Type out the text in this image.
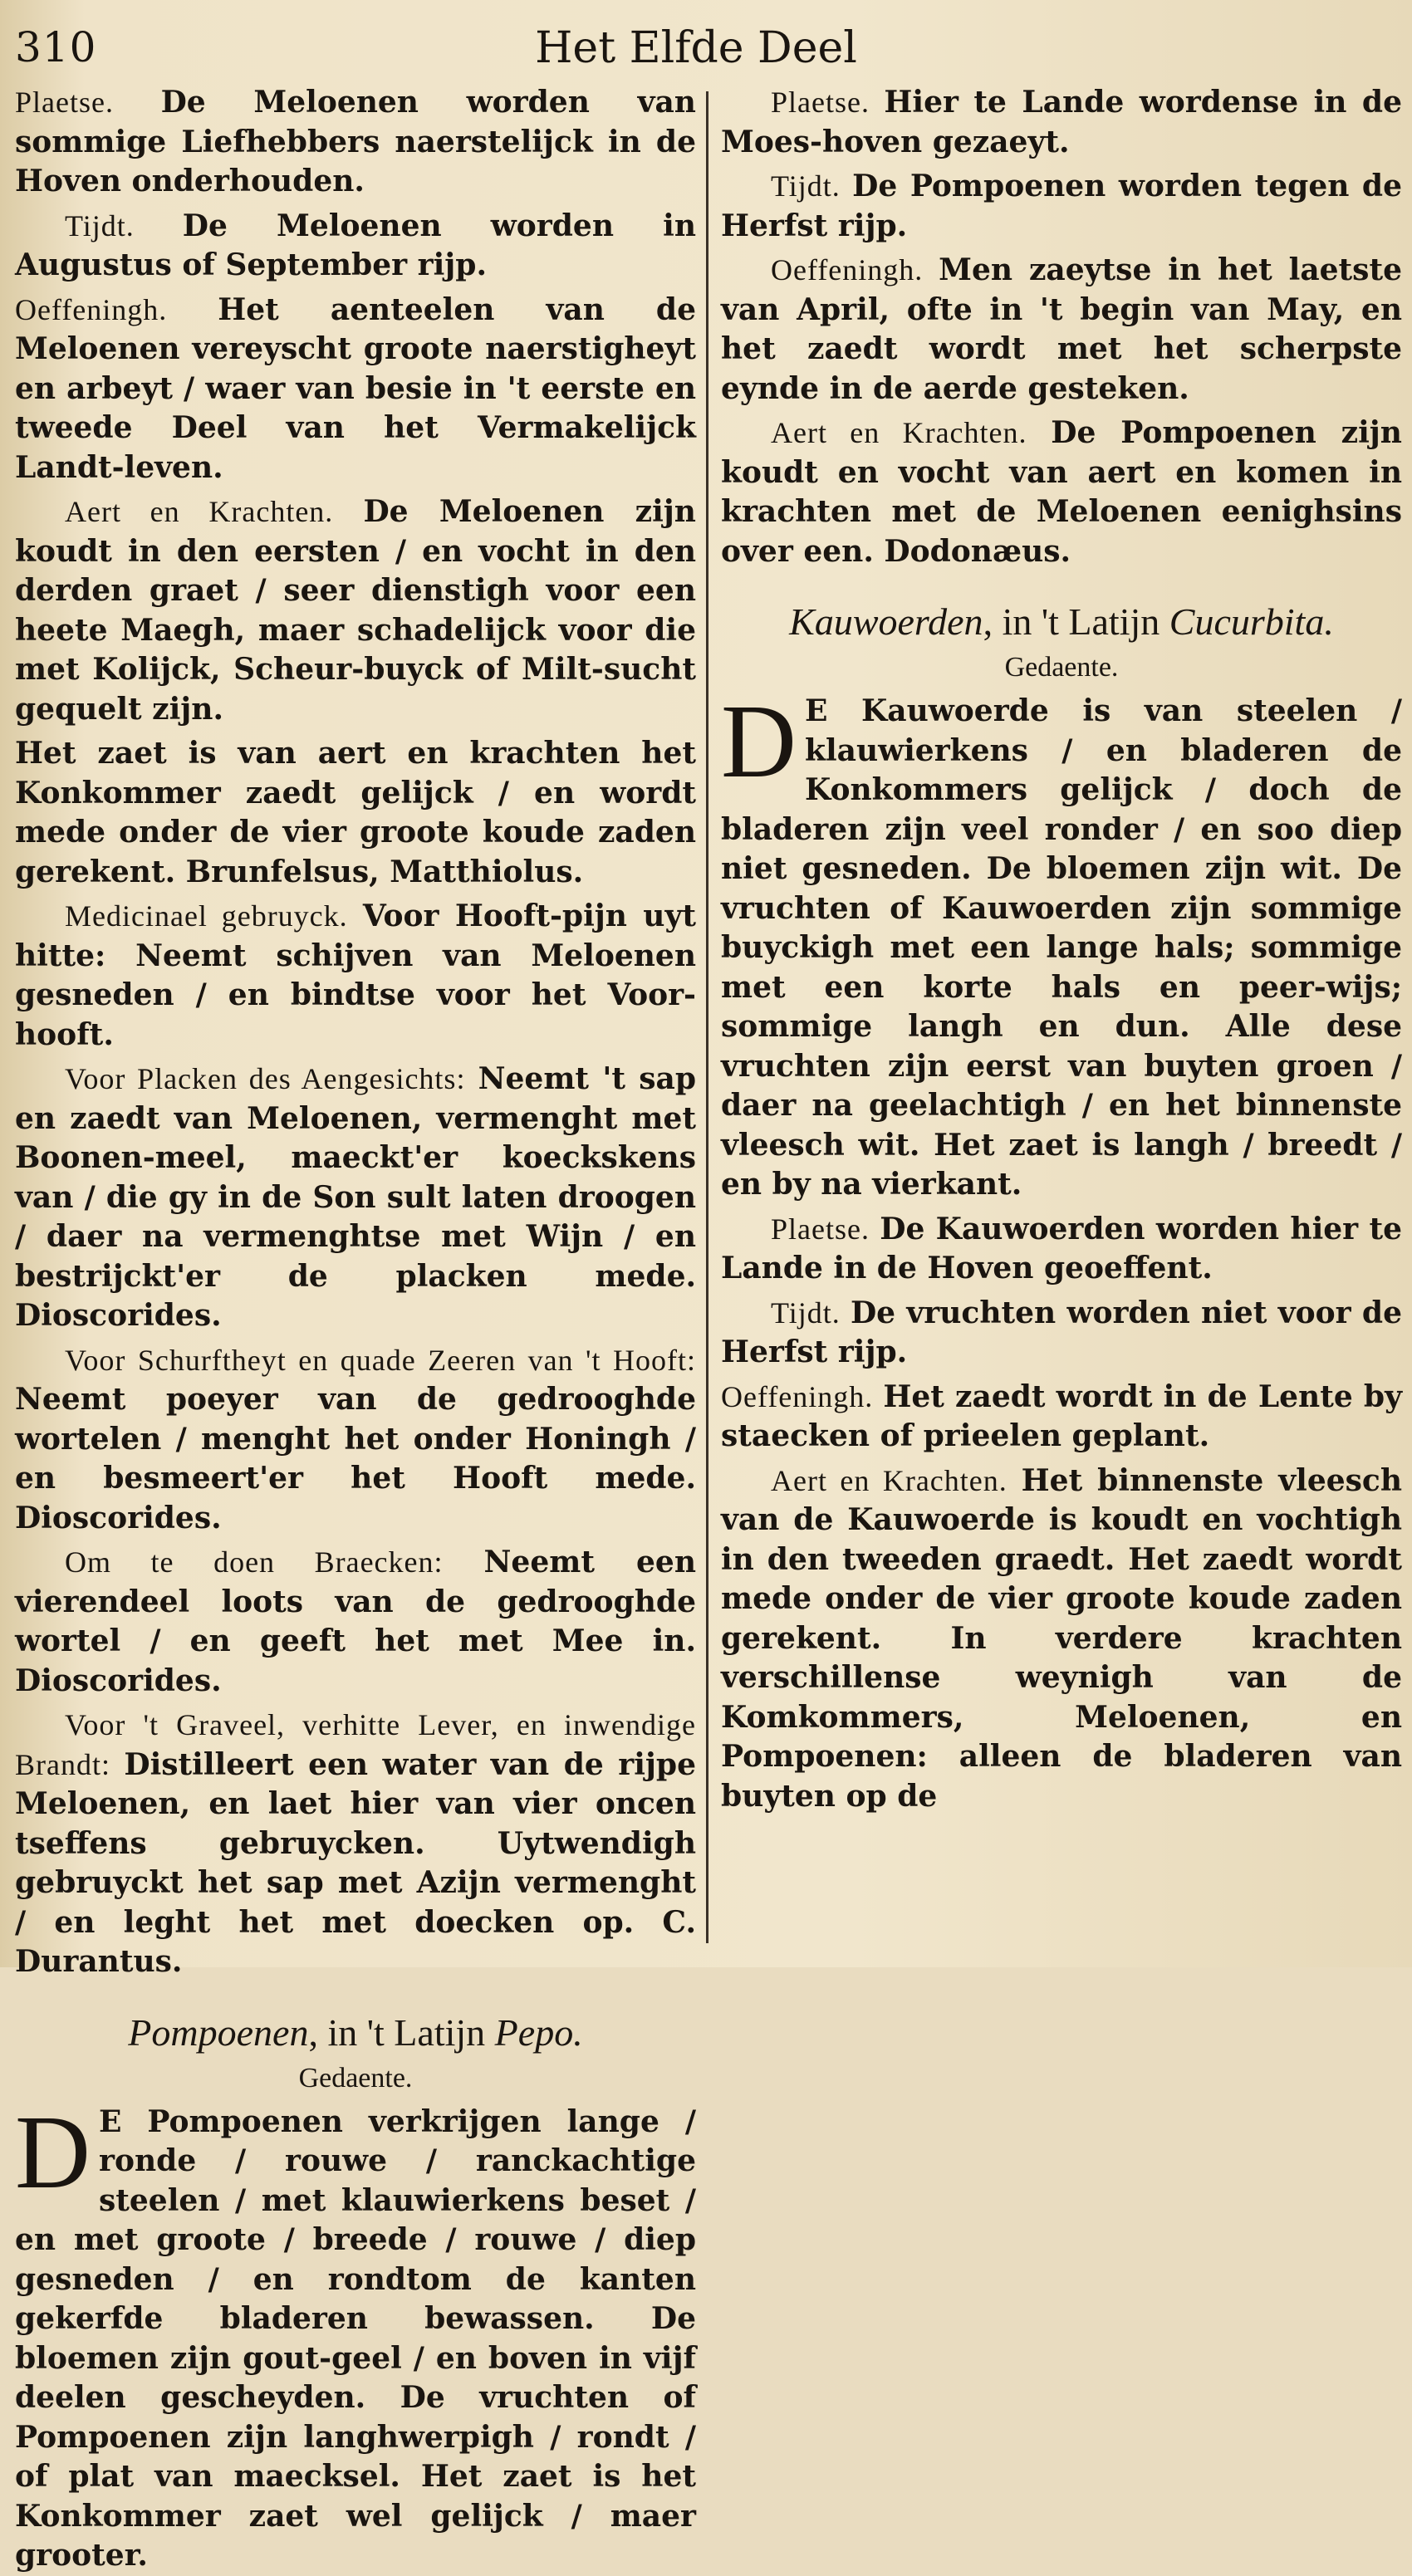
310	Het Elfde Deel

Plaetse. De Meloenen worden van sommige Liefhebbers naerstelijck in de Hoven onderhouden.

Tijdt. De Meloenen worden in Augustus of September rijp.

Oeffeningh. Het aenteelen van de Meloenen vereyscht groote naerstigheyt en arbeyt / waer van besie in 't eerste en tweede Deel van het Vermakelijck Landt-leven.

Aert en Krachten. De Meloenen zijn koudt in den eersten / en vocht in den derden graet / seer dienstigh voor een heete Maegh, maer schadelijck voor die met Kolijck, Scheur-buyck of Milt-sucht gequelt zijn.

Het zaet is van aert en krachten het Konkommer zaedt gelijck / en wordt mede onder de vier groote koude zaden gerekent. Brunfelsus, Matthiolus.

Medicinael gebruyck. Voor Hooft-pijn uyt hitte: Neemt schijven van Meloenen gesneden / en bindtse voor het Voor-hooft.

Voor Placken des Aengesichts: Neemt 't sap en zaedt van Meloenen, vermenght met Boonen-meel, maeckt'er koeckskens van / die gy in de Son sult laten droogen / daer na vermenghtse met Wijn / en bestrijckt'er de placken mede. Dioscorides.

Voor Schurftheyt en quade Zeeren van 't Hooft: Neemt poeyer van de gedrooghde wortelen / menght het onder Honingh / en besmeert'er het Hooft mede. Dioscorides.

Om te doen Braecken: Neemt een vierendeel loots van de gedrooghde wortel / en geeft het met Mee in. Dioscorides.

Voor 't Graveel, verhitte Lever, en inwendige Brandt: Distilleert een water van de rijpe Meloenen, en laet hier van vier oncen tseffens gebruycken. Uytwendigh gebruyckt het sap met Azijn vermenght / en leght het met doecken op. C. Durantus.

Pompoenen, in 't Latijn Pepo.
Gedaente.

D E Pompoenen verkrijgen lange / ronde / rouwe / ranckachtige steelen / met klauwierkens beset / en met groote / breede / rouwe / diep gesneden / en rondtom de kanten gekerfde bladeren bewassen. De bloemen zijn gout-geel / en boven in vijf deelen gescheyden. De vruchten of Pompoenen zijn langhwerpigh / rondt / of plat van maecksel. Het zaet is het Konkommer zaet wel gelijck / maer grooter.

Plaetse. Hier te Lande wordense in de Moes-hoven gezaeyt.

Tijdt. De Pompoenen worden tegen de Herfst rijp.

Oeffeningh. Men zaeytse in het laetste van April, ofte in 't begin van May, en het zaedt wordt met het scherpste eynde in de aerde gesteken.

Aert en Krachten. De Pompoenen zijn koudt en vocht van aert en komen in krachten met de Meloenen eenighsins over een. Dodonæus.

Kauwoerden, in 't Latijn Cucurbita.
Gedaente.

D E Kauwoerde is van steelen / klauwierkens / en bladeren de Konkommers gelijck / doch de bladeren zijn veel ronder / en soo diep niet gesneden. De bloemen zijn wit. De vruchten of Kauwoerden zijn sommige buyckigh met een lange hals; sommige met een korte hals en peer-wijs; sommige langh en dun. Alle dese vruchten zijn eerst van buyten groen / daer na geelachtigh / en het binnenste vleesch wit. Het zaet is langh / breedt / en by na vierkant.

Plaetse. De Kauwoerden worden hier te Lande in de Hoven geoeffent.

Tijdt. De vruchten worden niet voor de Herfst rijp.

Oeffeningh. Het zaedt wordt in de Lente by staecken of prieelen geplant.

Aert en Krachten. Het binnenste vleesch van de Kauwoerde is koudt en vochtigh in den tweeden graedt. Het zaedt wordt mede onder de vier groote koude zaden gerekent. In verdere krachten verschillense weynigh van de Komkommers, Meloenen, en Pompoenen: alleen de bladeren van buyten op de
